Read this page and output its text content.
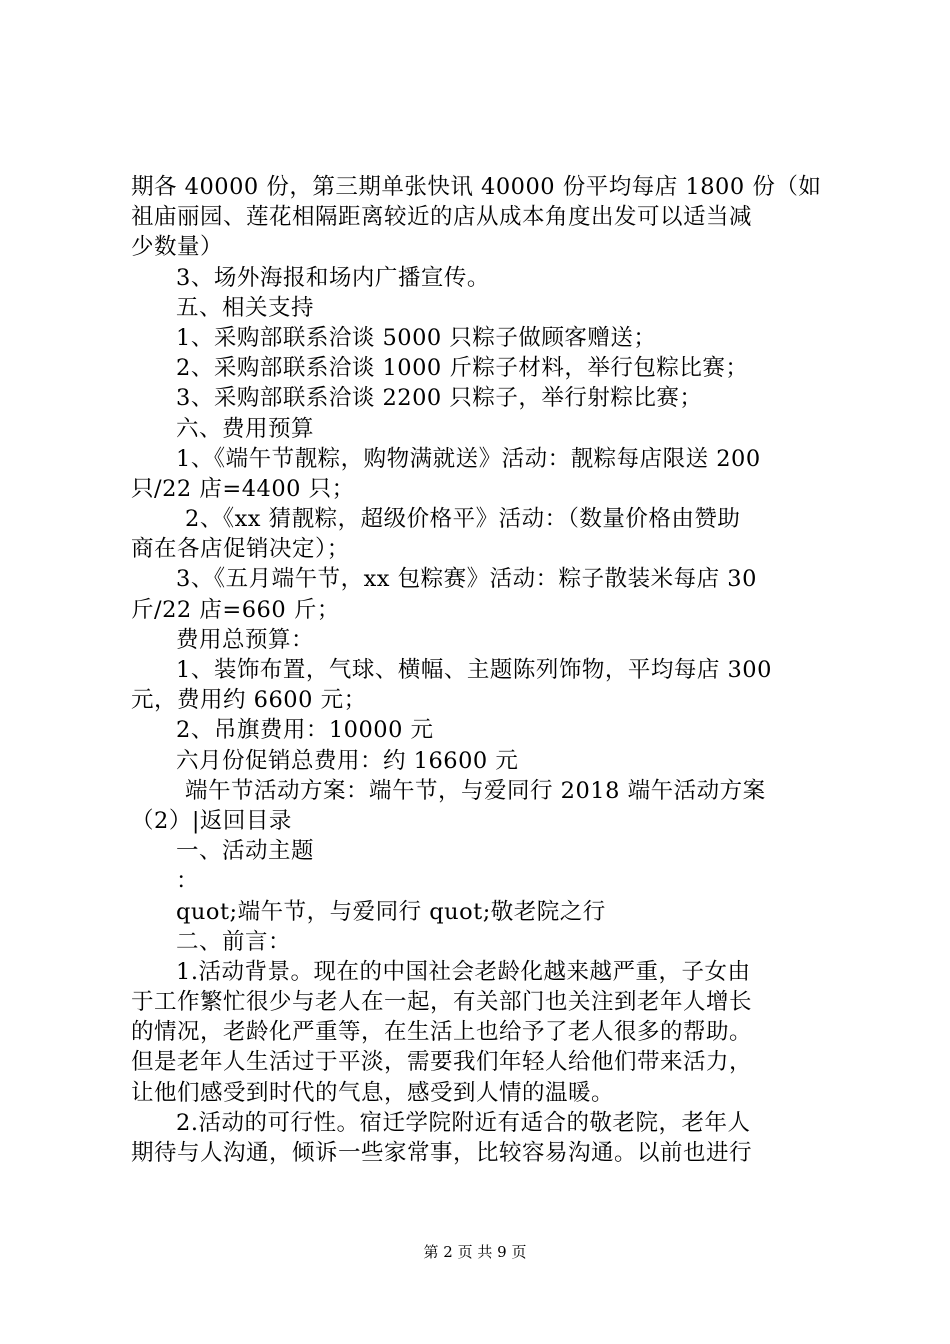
期各 40000 份，第三期单张快讯 40000 份平均每店 1800 份（如
祖庙丽园、莲花相隔距离较近的店从成本角度出发可以适当减
少数量）
3、场外海报和场内广播宣传。
五、相关支持
1、采购部联系洽谈 5000 只粽子做顾客赠送；
2、采购部联系洽谈 1000 斤粽子材料，举行包粽比赛；
3、采购部联系洽谈 2200 只粽子，举行射粽比赛；
六、费用预算
1、《端午节靓粽，购物满就送》活动：靓粽每店限送 200
只/22 店=4400 只；
2、《xx 猜靓粽，超级价格平》活动：（数量价格由赞助
商在各店促销决定）；
3、《五月端午节，xx 包粽赛》活动：粽子散装米每店 30
斤/22 店=660 斤；
费用总预算：
1、装饰布置，气球、横幅、主题陈列饰物，平均每店 300
元，费用约 6600 元；
2、吊旗费用：10000 元
六月份促销总费用：约 16600 元
端午节活动方案：端午节，与爱同行 2018 端午活动方案
（2）|返回目录
一、活动主题
：
quot;端午节，与爱同行 quot;敬老院之行
二、前言：
1.活动背景。现在的中国社会老龄化越来越严重，子女由
于工作繁忙很少与老人在一起，有关部门也关注到老年人增长
的情况，老龄化严重等，在生活上也给予了老人很多的帮助。
但是老年人生活过于平淡，需要我们年轻人给他们带来活力，
让他们感受到时代的气息，感受到人情的温暖。
2.活动的可行性。宿迁学院附近有适合的敬老院，老年人
期待与人沟通，倾诉一些家常事，比较容易沟通。以前也进行
第 2 页 共 9 页
